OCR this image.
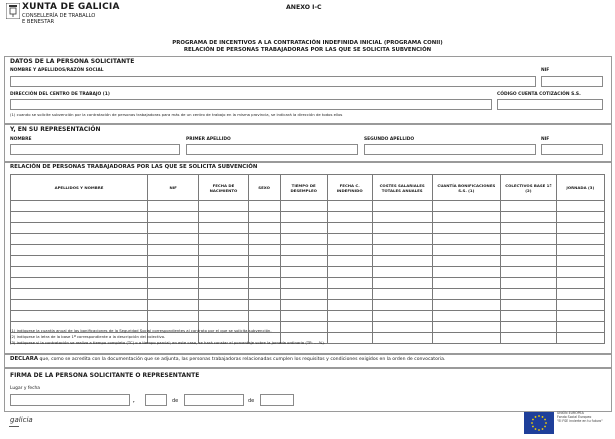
XUNTA DE GALICIA
CONSELLERÍA DE TRABALLO
E BENESTAR
ANEXO I-C
PROGRAMA DE INCENTIVOS A LA CONTRATACIÓN INDEFINIDA INICIAL (PROGRAMA CONII)
RELACIÓN DE PERSONAS TRABAJADORAS POR LAS QUE SE SOLICITA SUBVENCIÓN
DATOS DE LA PERSONA SOLICITANTE
NOMBRE Y APELLIDOS/RAZÓN SOCIAL	NIF
DIRECCIÓN DEL CENTRO DE TRABAJO (1)	CÓDIGO CUENTA COTIZACIÓN S.S.
(1) cuando se solicite subvención por la contratación de personas trabajadoras para más de un centro de trabajo en la misma provincia, se indicará la dirección de todos ellos
Y, EN SU REPRESENTACIÓN
NOMBRE	PRIMER APELLIDO	SEGUNDO APELLIDO	NIF
RELACIÓN DE PERSONAS TRABAJADORAS POR LAS QUE SE SOLICITA SUBVENCIÓN
APELLIDOS Y NOMBRE	NIF	FECHA DE NACIMIENTO	SEXO	TIEMPO DE DESEMPLEO	FECHA C. INDEFINIDO	COSTES SALARIALES TOTALES ANUALES	CUANTÍA BONIFICACIONES S.S. (1)	COLECTIVOS BASE 1ª (2)	JORNADA (3)

(1) indíquese la cuantía anual de las bonificaciones de la Seguridad Social correspondientes al contrato por el que se solicita subvención.
(2) indíquese la letra de la base 1ª correspondiente a la descripción del colectivo.
(3) indíquese si la contratación se realiza a tiempo completo (TC) o a tiempo parcial; en este caso, se hará constar el porcentaje sobre la jornada ordinaria (TP: ....%).
DECLARA que, como se acredita con la documentación que se adjunta, las personas trabajadoras relacionadas cumplen los requisitos y condiciones exigidos en la orden de convocatoria.
FIRMA DE LA PERSONA SOLICITANTE O REPRESENTANTE
Lugar y fecha
,	de	de
galicia
UNIÓN EUROPEA
Fondo Social Europeo
"El FSE invierte en tu futuro"
